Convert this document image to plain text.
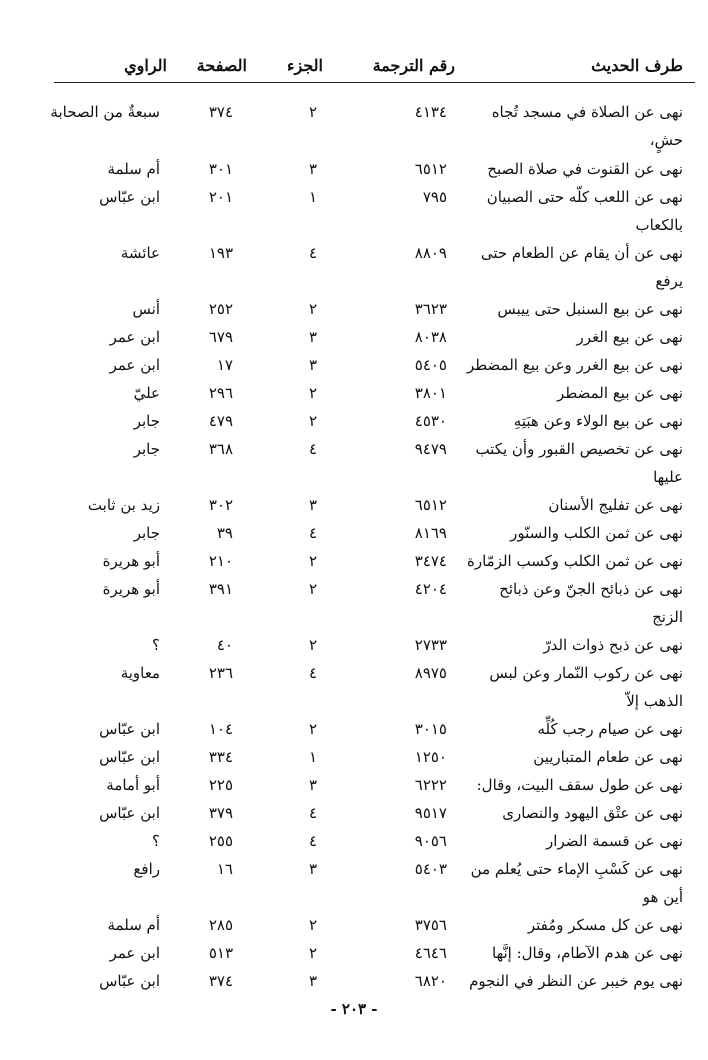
طرف الحديث
رقم الترجمة
الجزء
الصفحة
الراوي
نهى عن الصلاة في مسجد تُجاه حشٍ،
٤١٣٤
٢
٣٧٤
سبعةٌ من الصحابة
نهى عن القنوت في صلاة الصبح
٦٥١٢
٣
٣٠١
أم سلمة
نهى عن اللعب كلّه حتى الصبيان بالكعاب
٧٩٥
١
٢٠١
ابن عبّاس
نهى عن أن يقام عن الطعام حتى يرفع
٨٨٠٩
٤
١٩٣
عائشة
نهى عن بيع السنبل حتى ييبس
٣٦٢٣
٢
٢٥٢
أنس
نهى عن بيع الغرر
٨٠٣٨
٣
٦٧٩
ابن عمر
نهى عن بيع الغرر وعن بيع المضطر
٥٤٠٥
٣
١٧
ابن عمر
نهى عن بيع المضطر
٣٨٠١
٢
٢٩٦
عليّ
نهى عن بيع الولاء وعن هبَتِهِ
٤٥٣٠
٢
٤٧٩
جابر
نهى عن تخصيص القبور وأن يكتب عليها
٩٤٧٩
٤
٣٦٨
جابر
نهى عن تفليج الأسنان
٦٥١٢
٣
٣٠٢
زيد بن ثابت
نهى عن ثمن الكلب والسنّور
٨١٦٩
٤
٣٩
جابر
نهى عن ثمن الكلب وكسب الزمّارة
٣٤٧٤
٢
٢١٠
أبو هريرة
نهى عن ذبائح الجنّ وعن ذبائح الزنج
٤٢٠٤
٢
٣٩١
أبو هريرة
نهى عن ذبح ذوات الدرّ
٢٧٣٣
٢
٤٠
؟
نهى عن ركوب النّمار وعن لبس الذهب إلاّ
٨٩٧٥
٤
٢٣٦
معاوية
نهى عن صيام رجب كُلِّه
٣٠١٥
٢
١٠٤
ابن عبّاس
نهى عن طعام المتباريين
١٢٥٠
١
٣٣٤
ابن عبّاس
نهى عن طول سقف البيت، وقال:
٦٢٢٢
٣
٢٢٥
أبو أمامة
نهى عن عتْق اليهود والنصارى
٩٥١٧
٤
٣٧٩
ابن عبّاس
نهى عن قسمة الضرار
٩٠٥٦
٤
٢٥٥
؟
نهى عن كَسْبِ الإماء حتى يُعلم من أين هو
٥٤٠٣
٣
١٦
رافع
نهى عن كل مسكر ومُفتر
٣٧٥٦
٢
٢٨٥
أم سلمة
نهى عن هدم الآطام، وقال: إنَّها
٤٦٤٦
٢
٥١٣
ابن عمر
نهى يوم خيبر عن النظر في النجوم
٦٨٢٠
٣
٣٧٤
ابن عبّاس
- ٢٠٣ -
